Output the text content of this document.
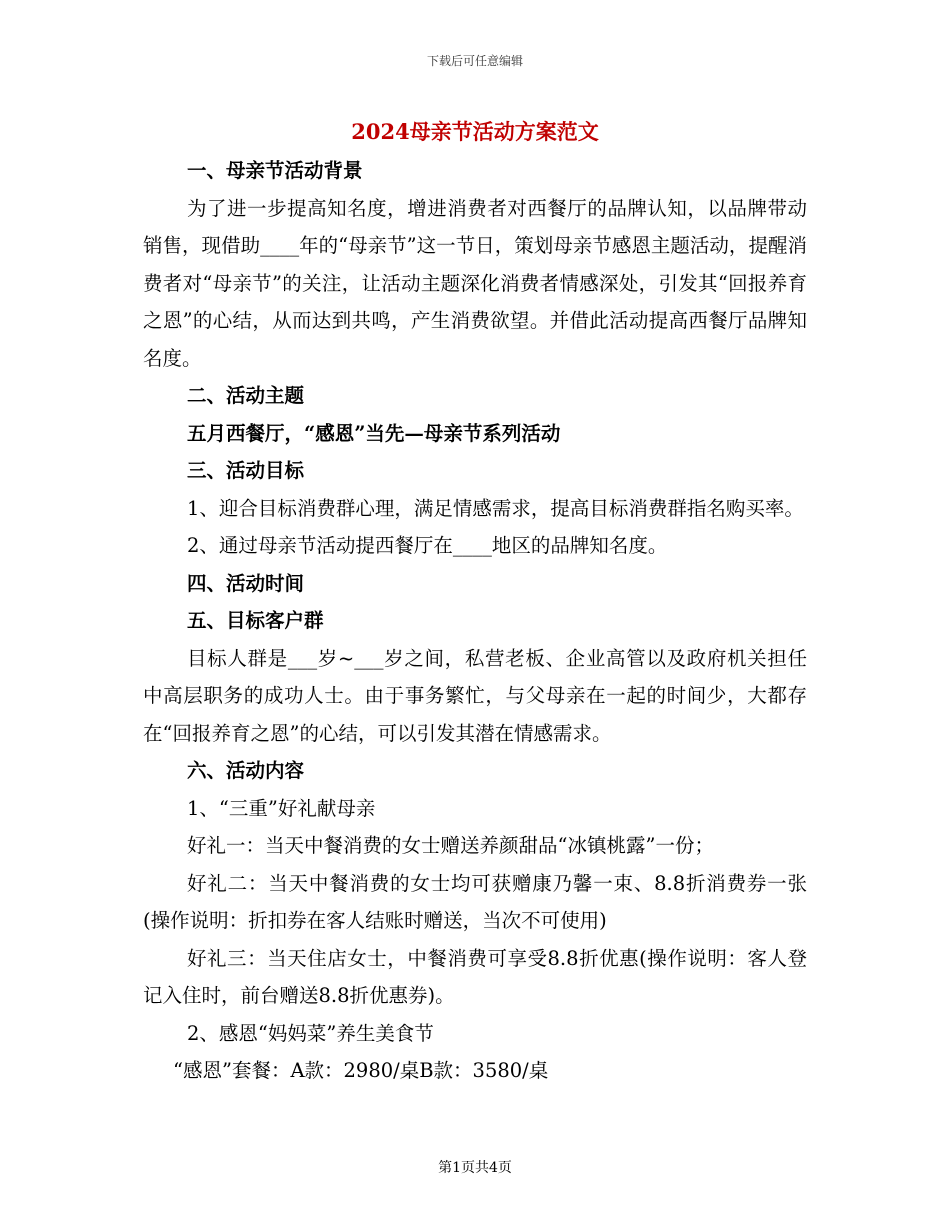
下载后可任意编辑
2024母亲节活动方案范文

一、母亲节活动背景

为了进一步提高知名度，增进消费者对西餐厅的品牌认知，以品牌带动销售，现借助____年的“母亲节”这一节日，策划母亲节感恩主题活动，提醒消费者对“母亲节”的关注，让活动主题深化消费者情感深处，引发其“回报养育之恩”的心结，从而达到共鸣，产生消费欲望。并借此活动提高西餐厅品牌知名度。

二、活动主题

五月西餐厅，“感恩”当先—母亲节系列活动

三、活动目标

1、迎合目标消费群心理，满足情感需求，提高目标消费群指名购买率。

2、通过母亲节活动提西餐厅在____地区的品牌知名度。

四、活动时间

五、目标客户群

目标人群是___岁~___岁之间，私营老板、企业高管以及政府机关担任中高层职务的成功人士。由于事务繁忙，与父母亲在一起的时间少，大都存在“回报养育之恩”的心结，可以引发其潜在情感需求。

六、活动内容

1、“三重”好礼献母亲

好礼一：当天中餐消费的女士赠送养颜甜品“冰镇桃露”一份；

好礼二：当天中餐消费的女士均可获赠康乃馨一束、8.8折消费券一张(操作说明：折扣券在客人结账时赠送，当次不可使用)

好礼三：当天住店女士，中餐消费可享受8.8折优惠(操作说明：客人登记入住时，前台赠送8.8折优惠券)。

2、感恩“妈妈菜”养生美食节

“感恩”套餐：A款：2980/桌B款：3580/桌

第1页共4页
